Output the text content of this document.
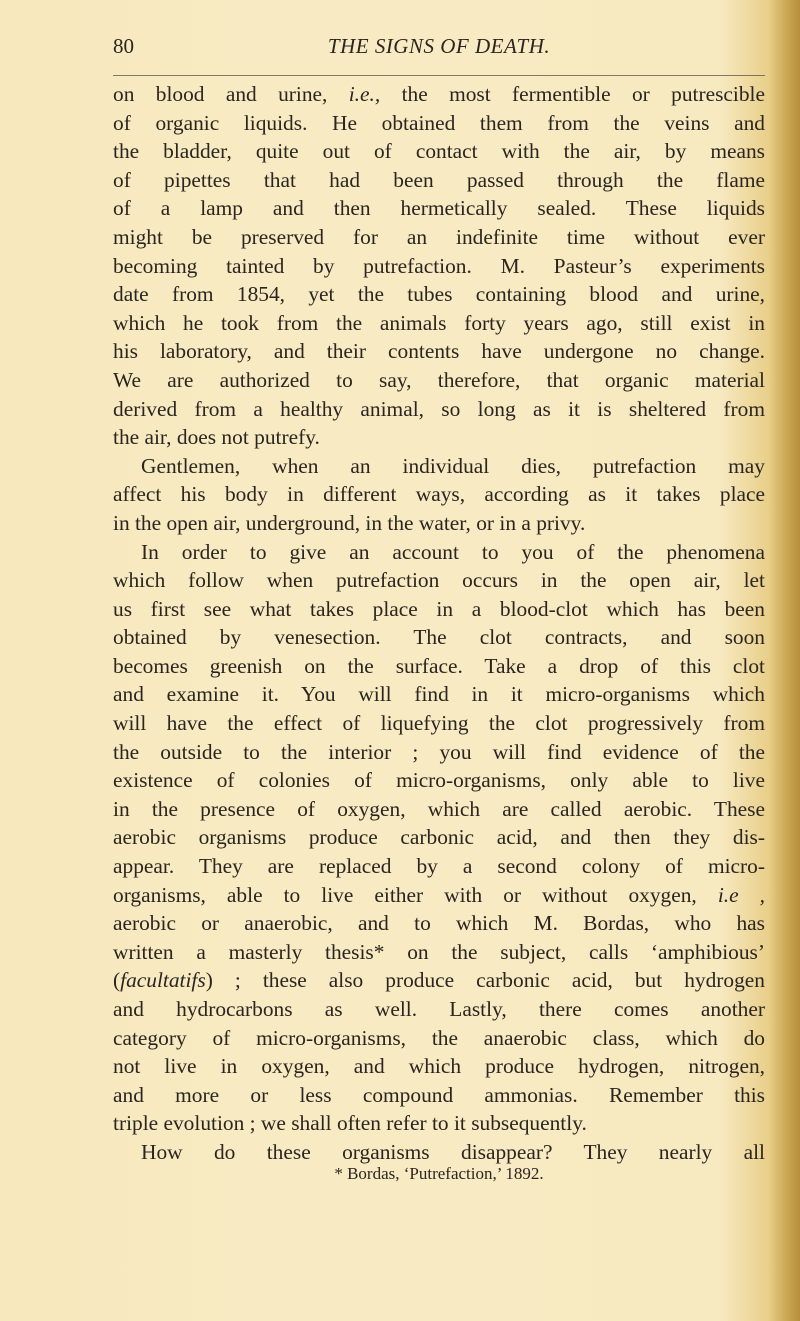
80	THE SIGNS OF DEATH.
on blood and urine, i.e., the most fermentible or putrescible
of organic liquids. He obtained them from the veins and
the bladder, quite out of contact with the air, by means
of pipettes that had been passed through the flame
of a lamp and then hermetically sealed. These liquids
might be preserved for an indefinite time without ever
becoming tainted by putrefaction. M. Pasteur’s experiments
date from 1854, yet the tubes containing blood and urine,
which he took from the animals forty years ago, still exist in
his laboratory, and their contents have undergone no change.
We are authorized to say, therefore, that organic material
derived from a healthy animal, so long as it is sheltered from
the air, does not putrefy.
Gentlemen, when an individual dies, putrefaction may
affect his body in different ways, according as it takes place
in the open air, underground, in the water, or in a privy.
In order to give an account to you of the phenomena
which follow when putrefaction occurs in the open air, let
us first see what takes place in a blood-clot which has been
obtained by venesection. The clot contracts, and soon
becomes greenish on the surface. Take a drop of this clot
and examine it. You will find in it micro-organisms which
will have the effect of liquefying the clot progressively from
the outside to the interior ; you will find evidence of the
existence of colonies of micro-organisms, only able to live
in the presence of oxygen, which are called aerobic. These
aerobic organisms produce carbonic acid, and then they dis-
appear. They are replaced by a second colony of micro-
organisms, able to live either with or without oxygen, i.e ,
aerobic or anaerobic, and to which M. Bordas, who has
written a masterly thesis* on the subject, calls ‘amphibious’
(facultatifs) ; these also produce carbonic acid, but hydrogen
and hydrocarbons as well. Lastly, there comes another
category of micro-organisms, the anaerobic class, which do
not live in oxygen, and which produce hydrogen, nitrogen,
and more or less compound ammonias. Remember this
triple evolution ; we shall often refer to it subsequently.
How do these organisms disappear? They nearly all
* Bordas, ‘Putrefaction,’ 1892.
